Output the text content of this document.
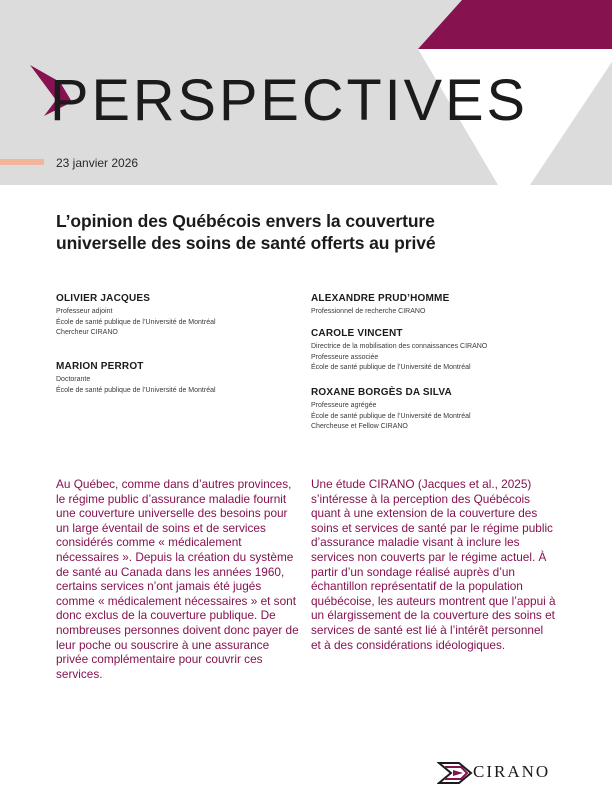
PERSPECTIVES
23 janvier 2026
L’opinion des Québécois envers la couverture universelle des soins de santé offerts au privé
OLIVIER JACQUES
Professeur adjoint
École de santé publique de l’Université de Montréal
Chercheur CIRANO
MARION PERROT
Doctorante
École de santé publique de l’Université de Montréal
ALEXANDRE PRUD’HOMME
Professionnel de recherche CIRANO
CAROLE VINCENT
Directrice de la mobilisation des connaissances CIRANO
Professeure associée
École de santé publique de l’Université de Montréal
ROXANE BORGÈS DA SILVA
Professeure agrégée
École de santé publique de l’Université de Montréal
Chercheuse et Fellow CIRANO
Au Québec, comme dans d’autres provinces, le régime public d’assurance maladie fournit une couverture universelle des besoins pour un large éventail de soins et de services considérés comme « médicalement nécessaires ». Depuis la création du système de santé au Canada dans les années 1960, certains services n’ont jamais été jugés comme « médicalement nécessaires » et sont donc exclus de la couverture publique. De nombreuses personnes doivent donc payer de leur poche ou souscrire à une assurance privée complémentaire pour couvrir ces services.
Une étude CIRANO (Jacques et al., 2025) s’intéresse à la perception des Québécois quant à une extension de la couverture des soins et services de santé par le régime public d’assurance maladie visant à inclure les services non couverts par le régime actuel. À partir d’un sondage réalisé auprès d’un échantillon représentatif de la population québécoise, les auteurs montrent que l’appui à un élargissement de la couverture des soins et services de santé est lié à l’intérêt personnel et à des considérations idéologiques.
CIRANO
